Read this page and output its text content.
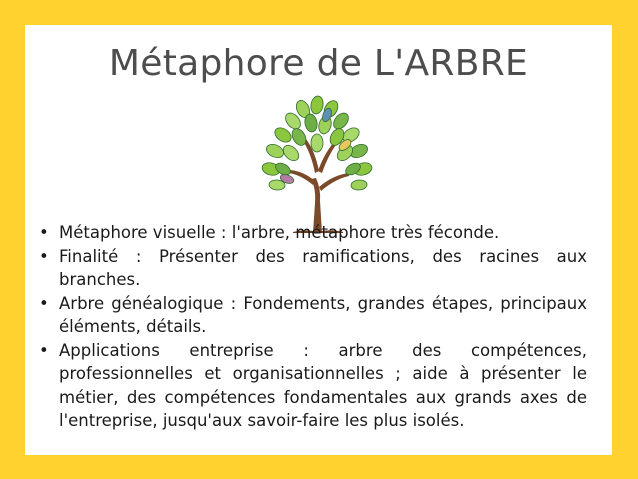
Métaphore de L'ARBRE
• Métaphore visuelle : l'arbre, métaphore très féconde.
• Finalité : Présenter des ramifications, des racines aux branches.
• Arbre généalogique : Fondements, grandes étapes, principaux éléments, détails.
• Applications entreprise : arbre des compétences, professionnelles et organisationnelles ; aide à présenter le métier, des compétences fondamentales aux grands axes de l'entreprise, jusqu'aux savoir-faire les plus isolés.
